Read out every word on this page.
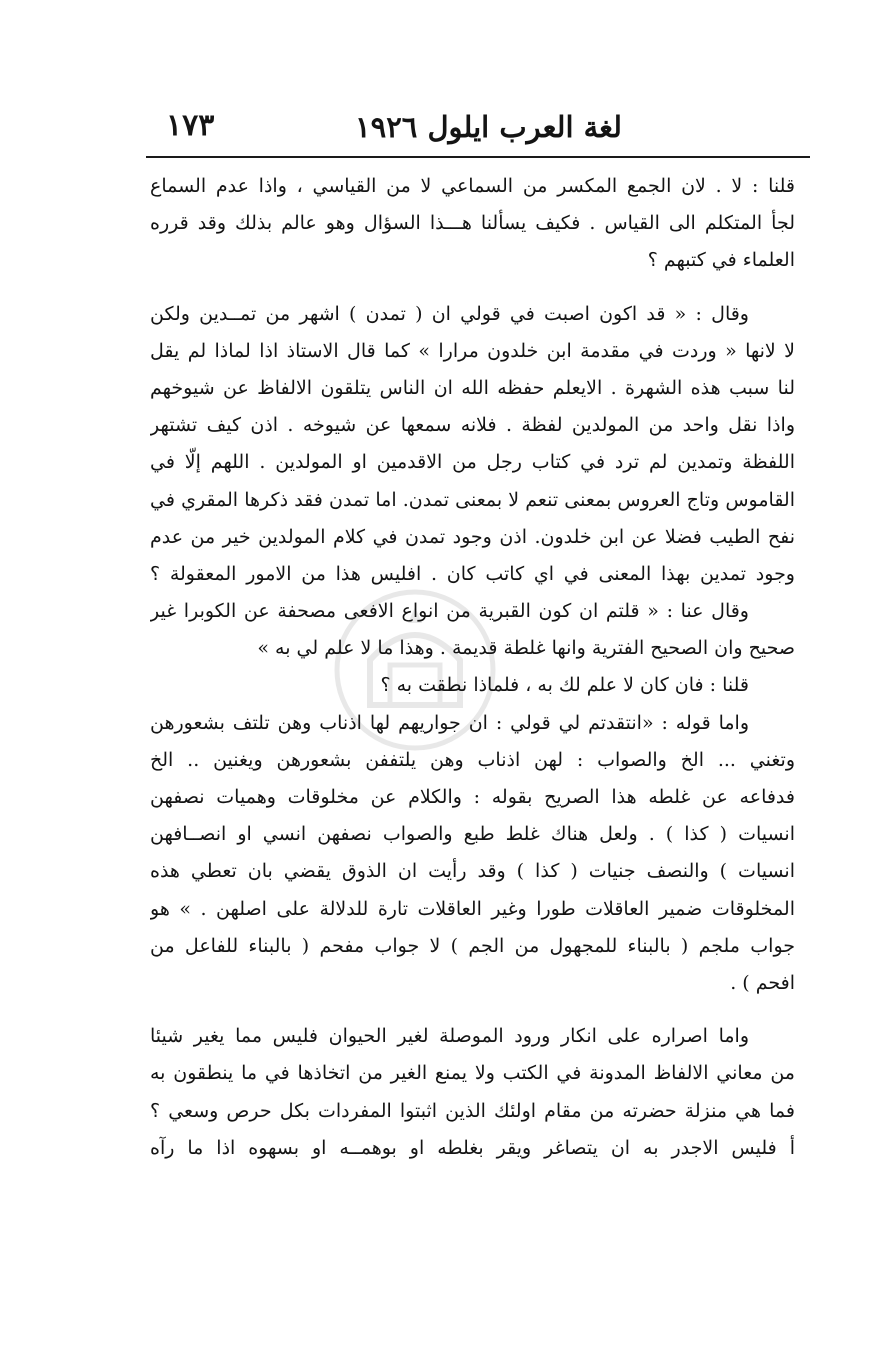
لغة العرب ايلول ١٩٢٦
١٧٣
قلنا : لا . لان الجمع المكسر من السماعي لا من القياسي ، واذا عدم السماع
لجأ المتكلم الى القياس . فكيف يسألنا هـــذا السؤال وهو عالم بذلك وقد قرره
العلماء في كتبهم ؟
وقال : « قد اكون اصبت في قولي ان ( تمدن ) اشهر من تمــدين ولكن
لا لانها « وردت في مقدمة ابن خلدون مرارا » كما قال الاستاذ اذا لماذا لم يقل
لنا سبب هذه الشهرة . الايعلم حفظه الله ان الناس يتلقون الالفاظ عن شيوخهم
واذا نقل واحد من المولدين لفظة . فلانه سمعها عن شيوخه . اذن كيف تشتهر
اللفظة وتمدين لم ترد في كتاب رجل من الاقدمين او المولدين . اللهم إلّا في
القاموس وتاج العروس بمعنى تنعم لا بمعنى تمدن. اما تمدن فقد ذكرها المقري في
نفح الطيب فضلا عن ابن خلدون. اذن وجود تمدن في كلام المولدين خير من عدم
وجود تمدين بهذا المعنى في اي كاتب كان . افليس هذا من الامور المعقولة ؟
وقال عنا : « قلتم ان كون القبرية من انواع الافعى مصحفة عن الكوبرا غير
صحيح وان الصحيح الفترية وانها غلطة قديمة . وهذا ما لا علم لي به »
قلنا : فان كان لا علم لك به ، فلماذا نطقت به ؟
واما قوله : «انتقدتم لي قولي : ان جواريهم لها اذناب وهن تلتف بشعورهن
وتغني ... الخ والصواب : لهن اذناب وهن يلتففن بشعورهن ويغنين .. الخ
فدفاعه عن غلطه هذا الصريح بقوله : والكلام عن مخلوقات وهميات نصفهن
انسيات ( كذا ) . ولعل هناك غلط طبع والصواب نصفهن انسي او انصــافهن
انسيات ) والنصف جنيات ( كذا ) وقد رأيت ان الذوق يقضي بان تعطي هذه
المخلوقات ضمير العاقلات طورا وغير العاقلات تارة للدلالة على اصلهن . » هو
جواب ملجم ( بالبناء للمجهول من الجم ) لا جواب مفحم ( بالبناء للفاعل من
افحم ) .
واما اصراره على انكار ورود الموصلة لغير الحيوان فليس مما يغير شيئا
من معاني الالفاظ المدونة في الكتب ولا يمنع الغير من اتخاذها في ما ينطقون به
فما هي منزلة حضرته من مقام اولئك الذين اثبتوا المفردات بكل حرص وسعي ؟
أ فليس الاجدر به ان يتصاغر ويقر بغلطه او بوهمــه او بسهوه اذا ما رآه
